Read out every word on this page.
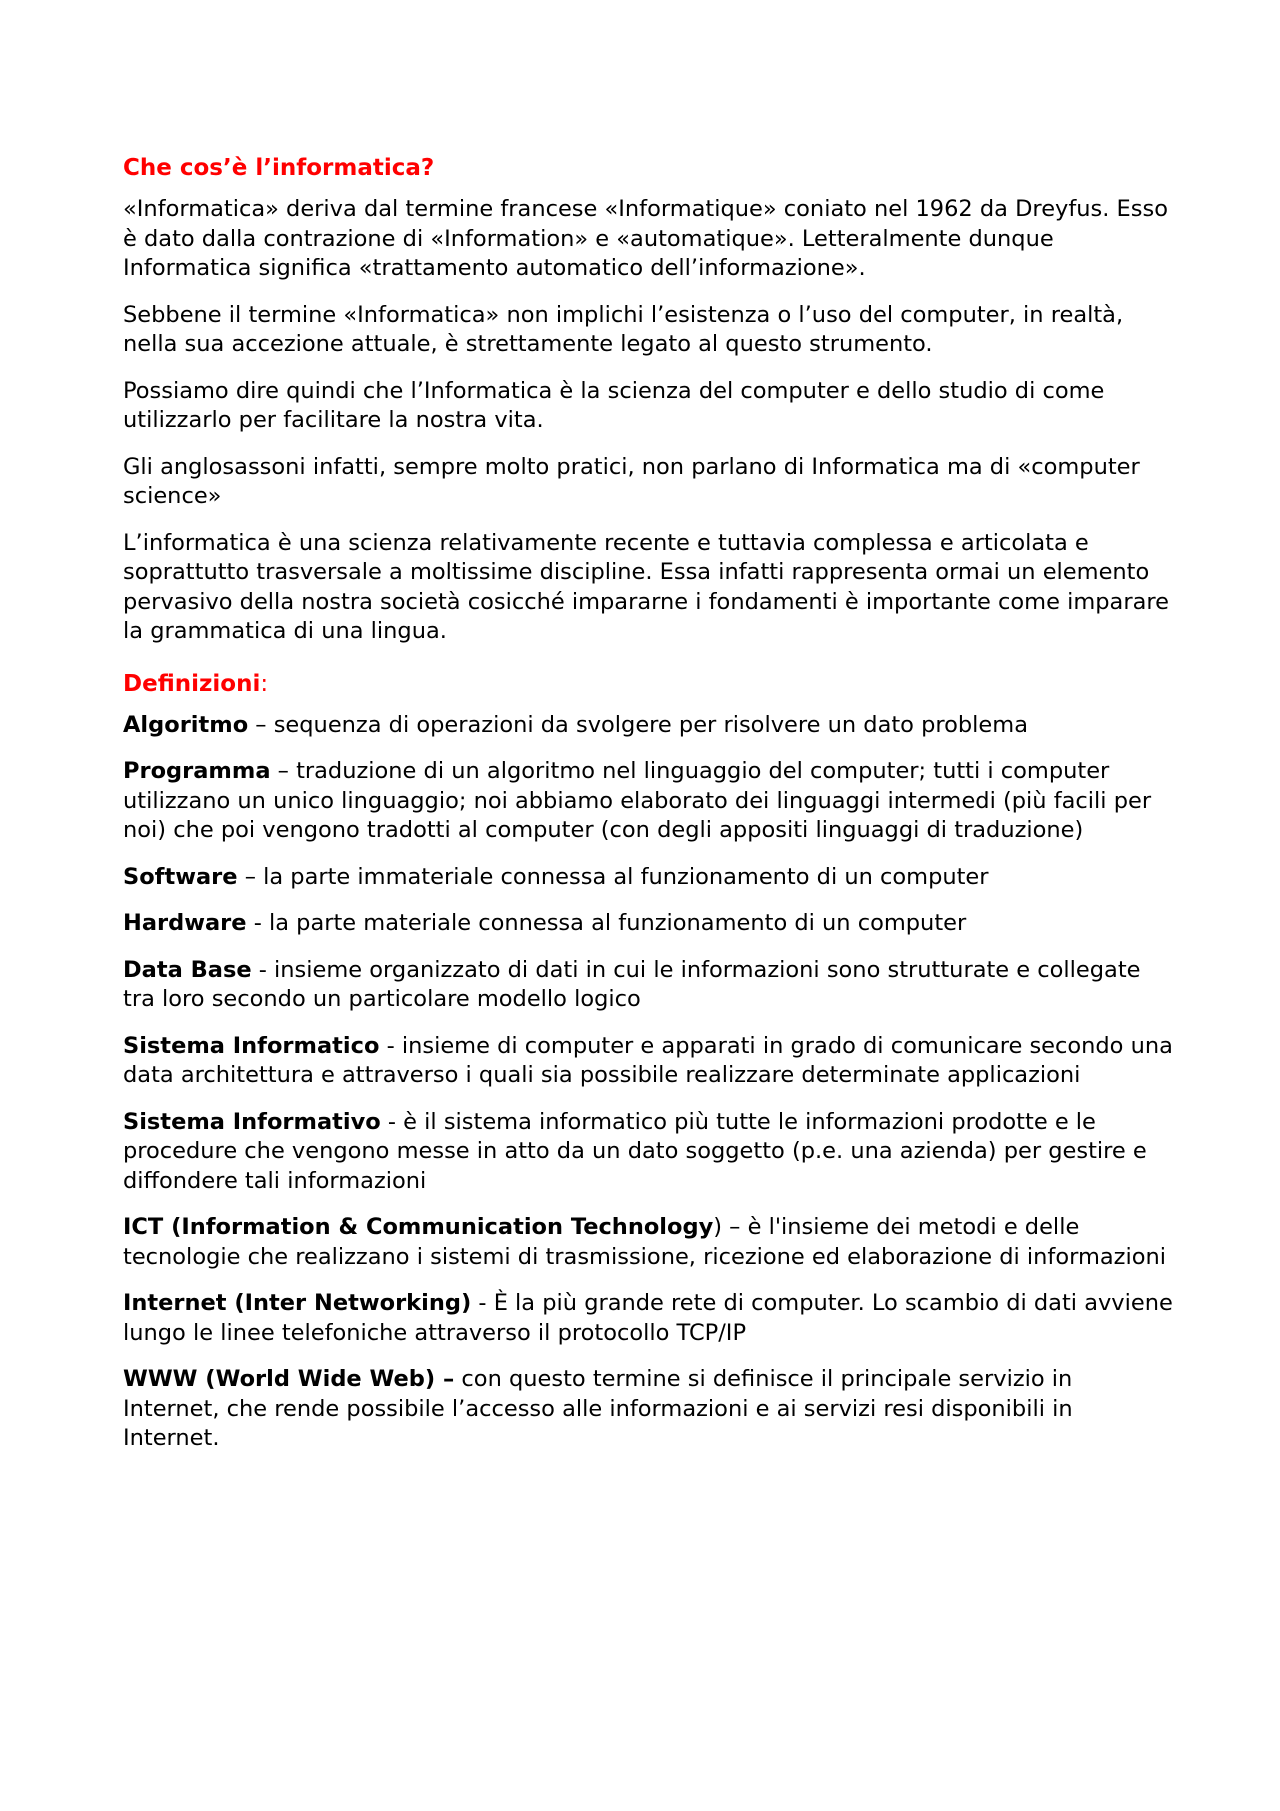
Che cos’è l’informatica?

«Informatica» deriva dal termine francese «Informatique» coniato nel 1962 da Dreyfus. Esso è dato dalla contrazione di «Information» e «automatique». Letteralmente dunque Informatica significa «trattamento automatico dell’informazione».

Sebbene il termine «Informatica» non implichi l’esistenza o l’uso del computer, in realtà, nella sua accezione attuale, è strettamente legato al questo strumento.

Possiamo dire quindi che l’Informatica è la scienza del computer e dello studio di come utilizzarlo per facilitare la nostra vita.

Gli anglosassoni infatti, sempre molto pratici, non parlano di Informatica ma di «computer science»

L’informatica è una scienza relativamente recente e tuttavia complessa e articolata e soprattutto trasversale a moltissime discipline. Essa infatti rappresenta ormai un elemento pervasivo della nostra società cosicché impararne i fondamenti è importante come imparare la grammatica di una lingua.

Definizioni:

Algoritmo – sequenza di operazioni da svolgere per risolvere un dato problema

Programma – traduzione di un algoritmo nel linguaggio del computer; tutti i computer utilizzano un unico linguaggio; noi abbiamo elaborato dei linguaggi intermedi (più facili per noi) che poi vengono tradotti al computer (con degli appositi linguaggi di traduzione)

Software – la parte immateriale connessa al funzionamento di un computer

Hardware - la parte materiale connessa al funzionamento di un computer

Data Base - insieme organizzato di dati in cui le informazioni sono strutturate e collegate tra loro secondo un particolare modello logico

Sistema Informatico - insieme di computer e apparati in grado di comunicare secondo una data architettura e attraverso i quali sia possibile realizzare determinate applicazioni

Sistema Informativo - è il sistema informatico più tutte le informazioni prodotte e le procedure che vengono messe in atto da un dato soggetto (p.e. una azienda) per gestire e diffondere tali informazioni

ICT (Information & Communication Technology) – è l'insieme dei metodi e delle tecnologie che realizzano i sistemi di trasmissione, ricezione ed elaborazione di informazioni

Internet (Inter Networking) - È la più grande rete di computer. Lo scambio di dati avviene lungo le linee telefoniche attraverso il protocollo TCP/IP

WWW (World Wide Web) – con questo termine si definisce il principale servizio in Internet, che rende possibile l’accesso alle informazioni e ai servizi resi disponibili in Internet.
